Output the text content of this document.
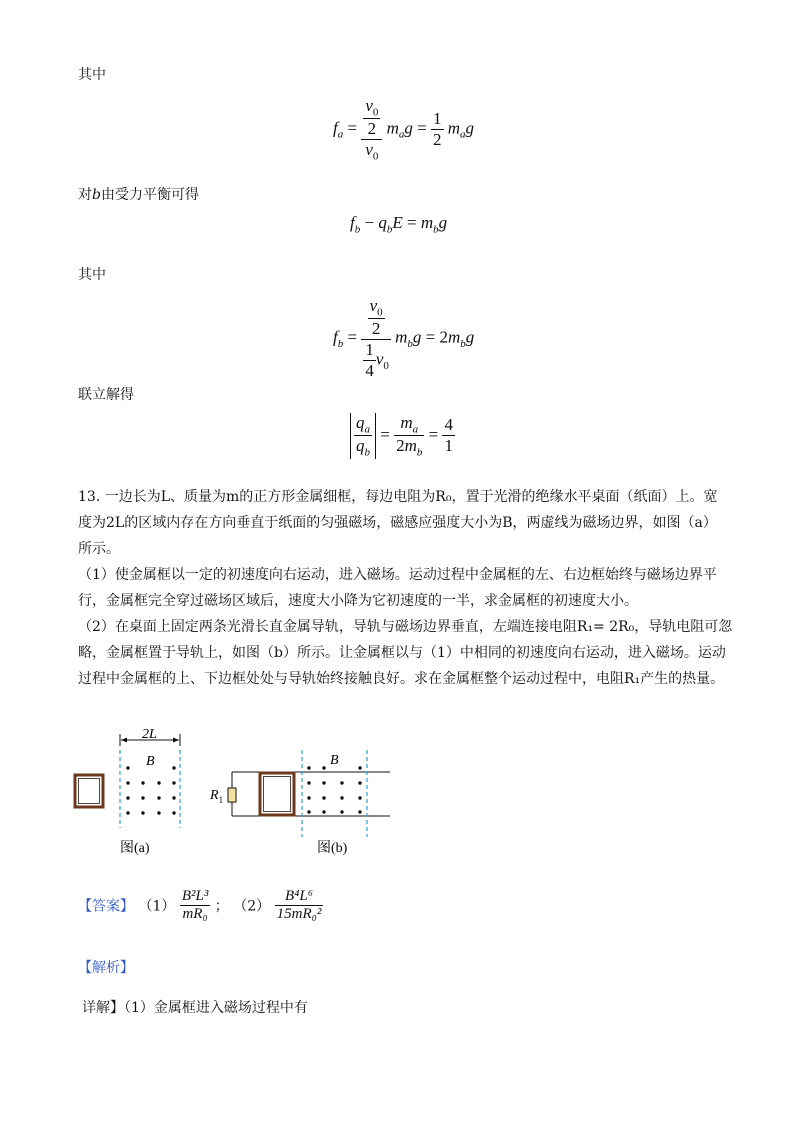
其中
$f_a = \frac{\frac{v_0}{2}}{v_0} m_ag = \frac{1}{2} m_ag$
对b由受力平衡可得
$f_b - q_bE = m_bg$
其中
$f_b = \frac{\frac{v_0}{2}}{\frac{1}{4} v_0} m_bg = 2m_bg$
联立解得
$\frac{q_a}{q_b} = \frac{m_a}{2m_b} = \frac{4}{1}$
13. 一边长为L、质量为m的正方形金属细框，每边电阻为R₀，置于光滑的绝缘水平桌面（纸面）上。宽
度为2L的区域内存在方向垂直于纸面的匀强磁场，磁感应强度大小为B，两虚线为磁场边界，如图（a）
所示。
（1）使金属框以一定的初速度向右运动，进入磁场。运动过程中金属框的左、右边框始终与磁场边界平
行，金属框完全穿过磁场区域后，速度大小降为它初速度的一半，求金属框的初速度大小。
（2）在桌面上固定两条光滑长直金属导轨，导轨与磁场边界垂直，左端连接电阻R₁= 2R₀，导轨电阻可忽
略，金属框置于导轨上，如图（b）所示。让金属框以与（1）中相同的初速度向右运动，进入磁场。运动
过程中金属框的上、下边框处处与导轨始终接触良好。求在金属框整个运动过程中，电阻R₁产生的热量。
2L
B
图(a)
$R_1$
B
图(b)
【答案】 $(1) \frac{\text{B²L³}}{\text{mR₀}}$ ； $(2) \frac{\text{B⁴L⁶}}{\text{15mR₀²}}$
【解析】
详解】（1）金属框进入磁场过程中有
